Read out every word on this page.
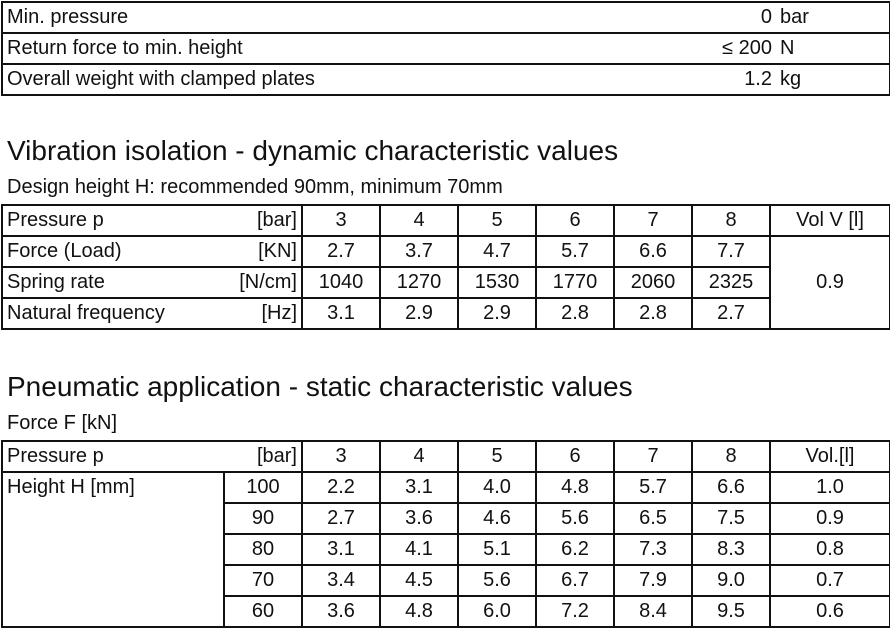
Min. pressure	0 bar
Return force to min. height	≤ 200 N
Overall weight with clamped plates	1.2 kg
Vibration isolation - dynamic characteristic values
Design height H: recommended 90mm, minimum 70mm
Pressure p	[bar]	3	4	5	6	7	8	Vol V [l]
Force (Load)	[KN]	2.7	3.7	4.7	5.7	6.6	7.7	0.9
Spring rate	[N/cm]	1040	1270	1530	1770	2060	2325	
Natural frequency	[Hz]	3.1	2.9	2.9	2.8	2.8	2.7	
Pneumatic application - static characteristic values
Force F [kN]
Pressure p	[bar]	3	4	5	6	7	8	Vol.[l]
Height H [mm]	100	2.2	3.1	4.0	4.8	5.7	6.6	1.0
	90	2.7	3.6	4.6	5.6	6.5	7.5	0.9
	80	3.1	4.1	5.1	6.2	7.3	8.3	0.8
	70	3.4	4.5	5.6	6.7	7.9	9.0	0.7
	60	3.6	4.8	6.0	7.2	8.4	9.5	0.6
